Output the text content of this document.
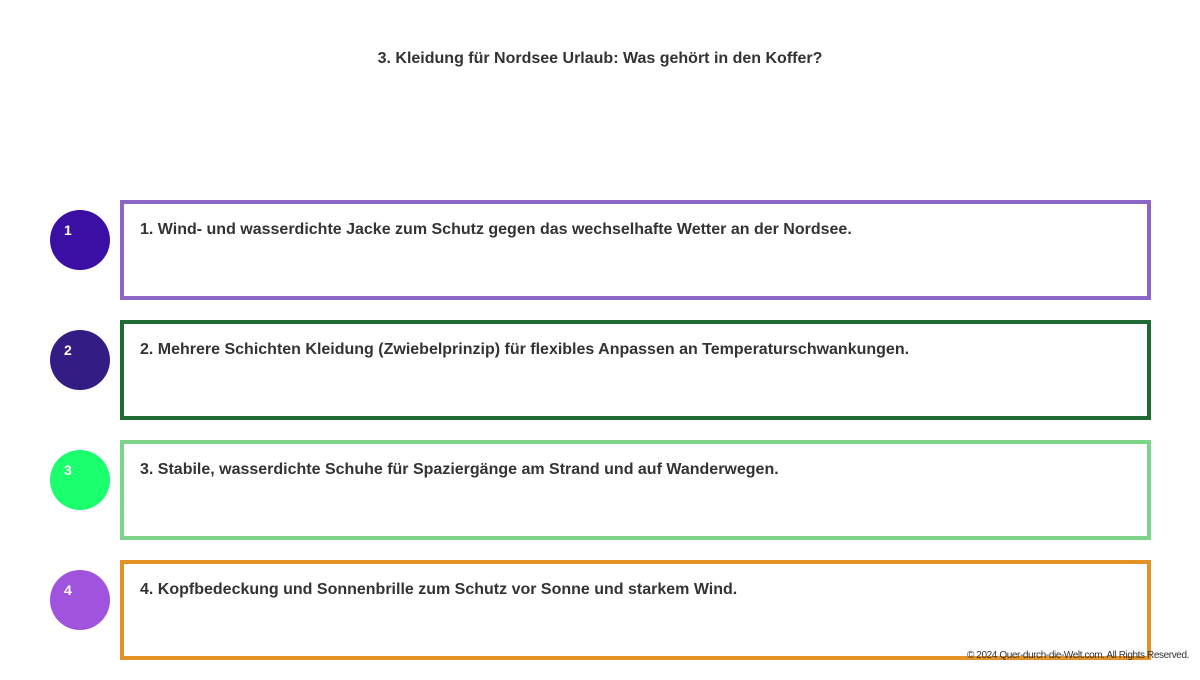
3. Kleidung für Nordsee Urlaub: Was gehört in den Koffer?
1	1. Wind- und wasserdichte Jacke zum Schutz gegen das wechselhafte Wetter an der Nordsee.

2	2. Mehrere Schichten Kleidung (Zwiebelprinzip) für flexibles Anpassen an Temperaturschwankungen.

3	3. Stabile, wasserdichte Schuhe für Spaziergänge am Strand und auf Wanderwegen.

4	4. Kopfbedeckung und Sonnenbrille zum Schutz vor Sonne und starkem Wind.

© 2024 Quer-durch-die-Welt.com. All Rights Reserved.
